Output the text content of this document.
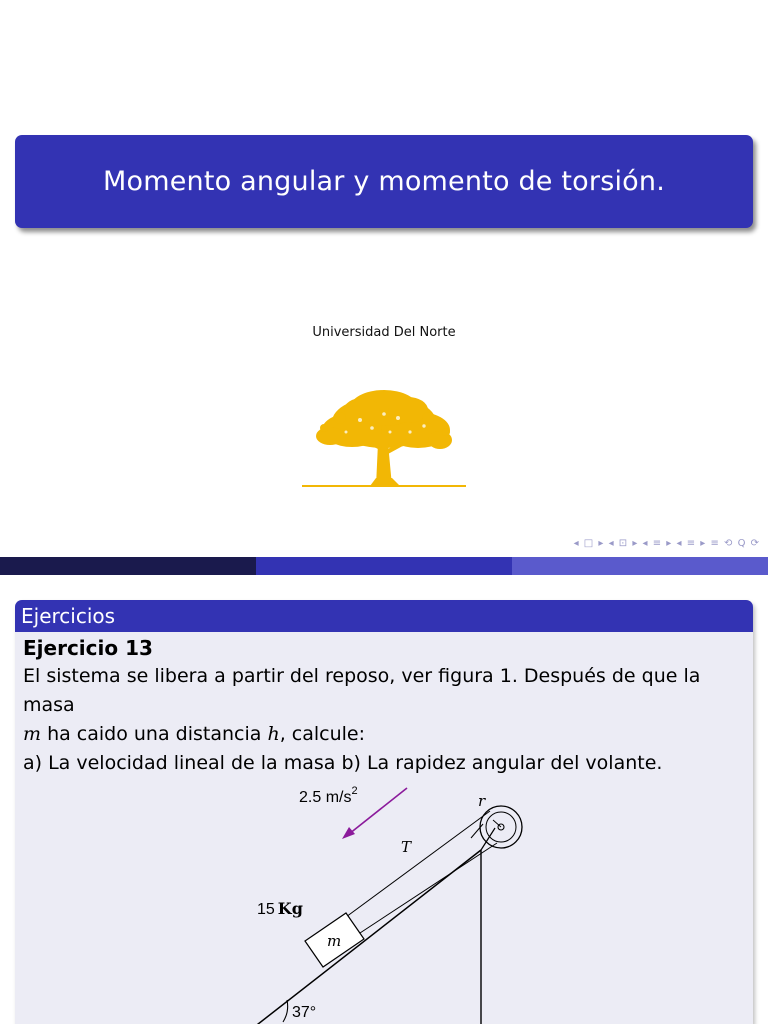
Momento angular y momento de torsión.
Universidad Del Norte
◂ □ ▸ ◂ ⊡ ▸ ◂ ≡ ▸ ◂ ≡ ▸ ≡ ⟲ Q ⟳
Ejercicios
Ejercicio 13
El sistema se libera a partir del reposo, ver figura 1. Después de que la masa
m ha caido una distancia h, calcule:
a) La velocidad lineal de la masa b) La rapidez angular del volante.
2.5 $m/s^2$
r
T
m
15 Kg
37°
